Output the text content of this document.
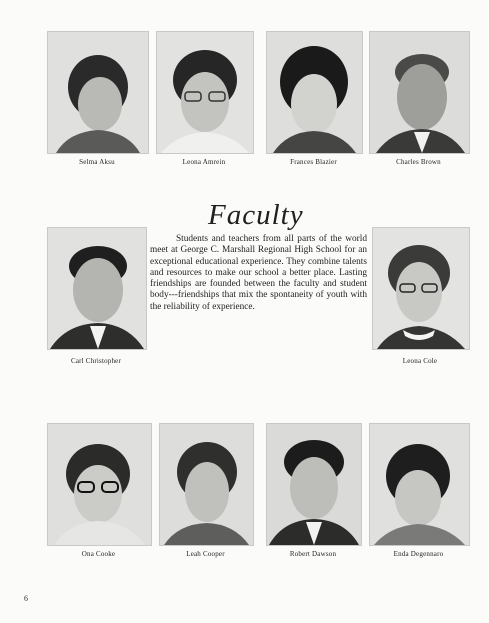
Selma Aksu	Leona Amrein	Frances Blazier	Charles Brown
Faculty
Students and teachers from all parts of the world meet at George C. Marshall Regional High School for an exceptional educational experience. They combine talents and resources to make our school a better place. Lasting friendships are founded between the faculty and student body---friendships that mix the spontaneity of youth with the reliability of experience.
Carl Christopher	Leona Cole
Ona Cooke	Leah Cooper	Robert Dawson	Enda Degennaro
6
